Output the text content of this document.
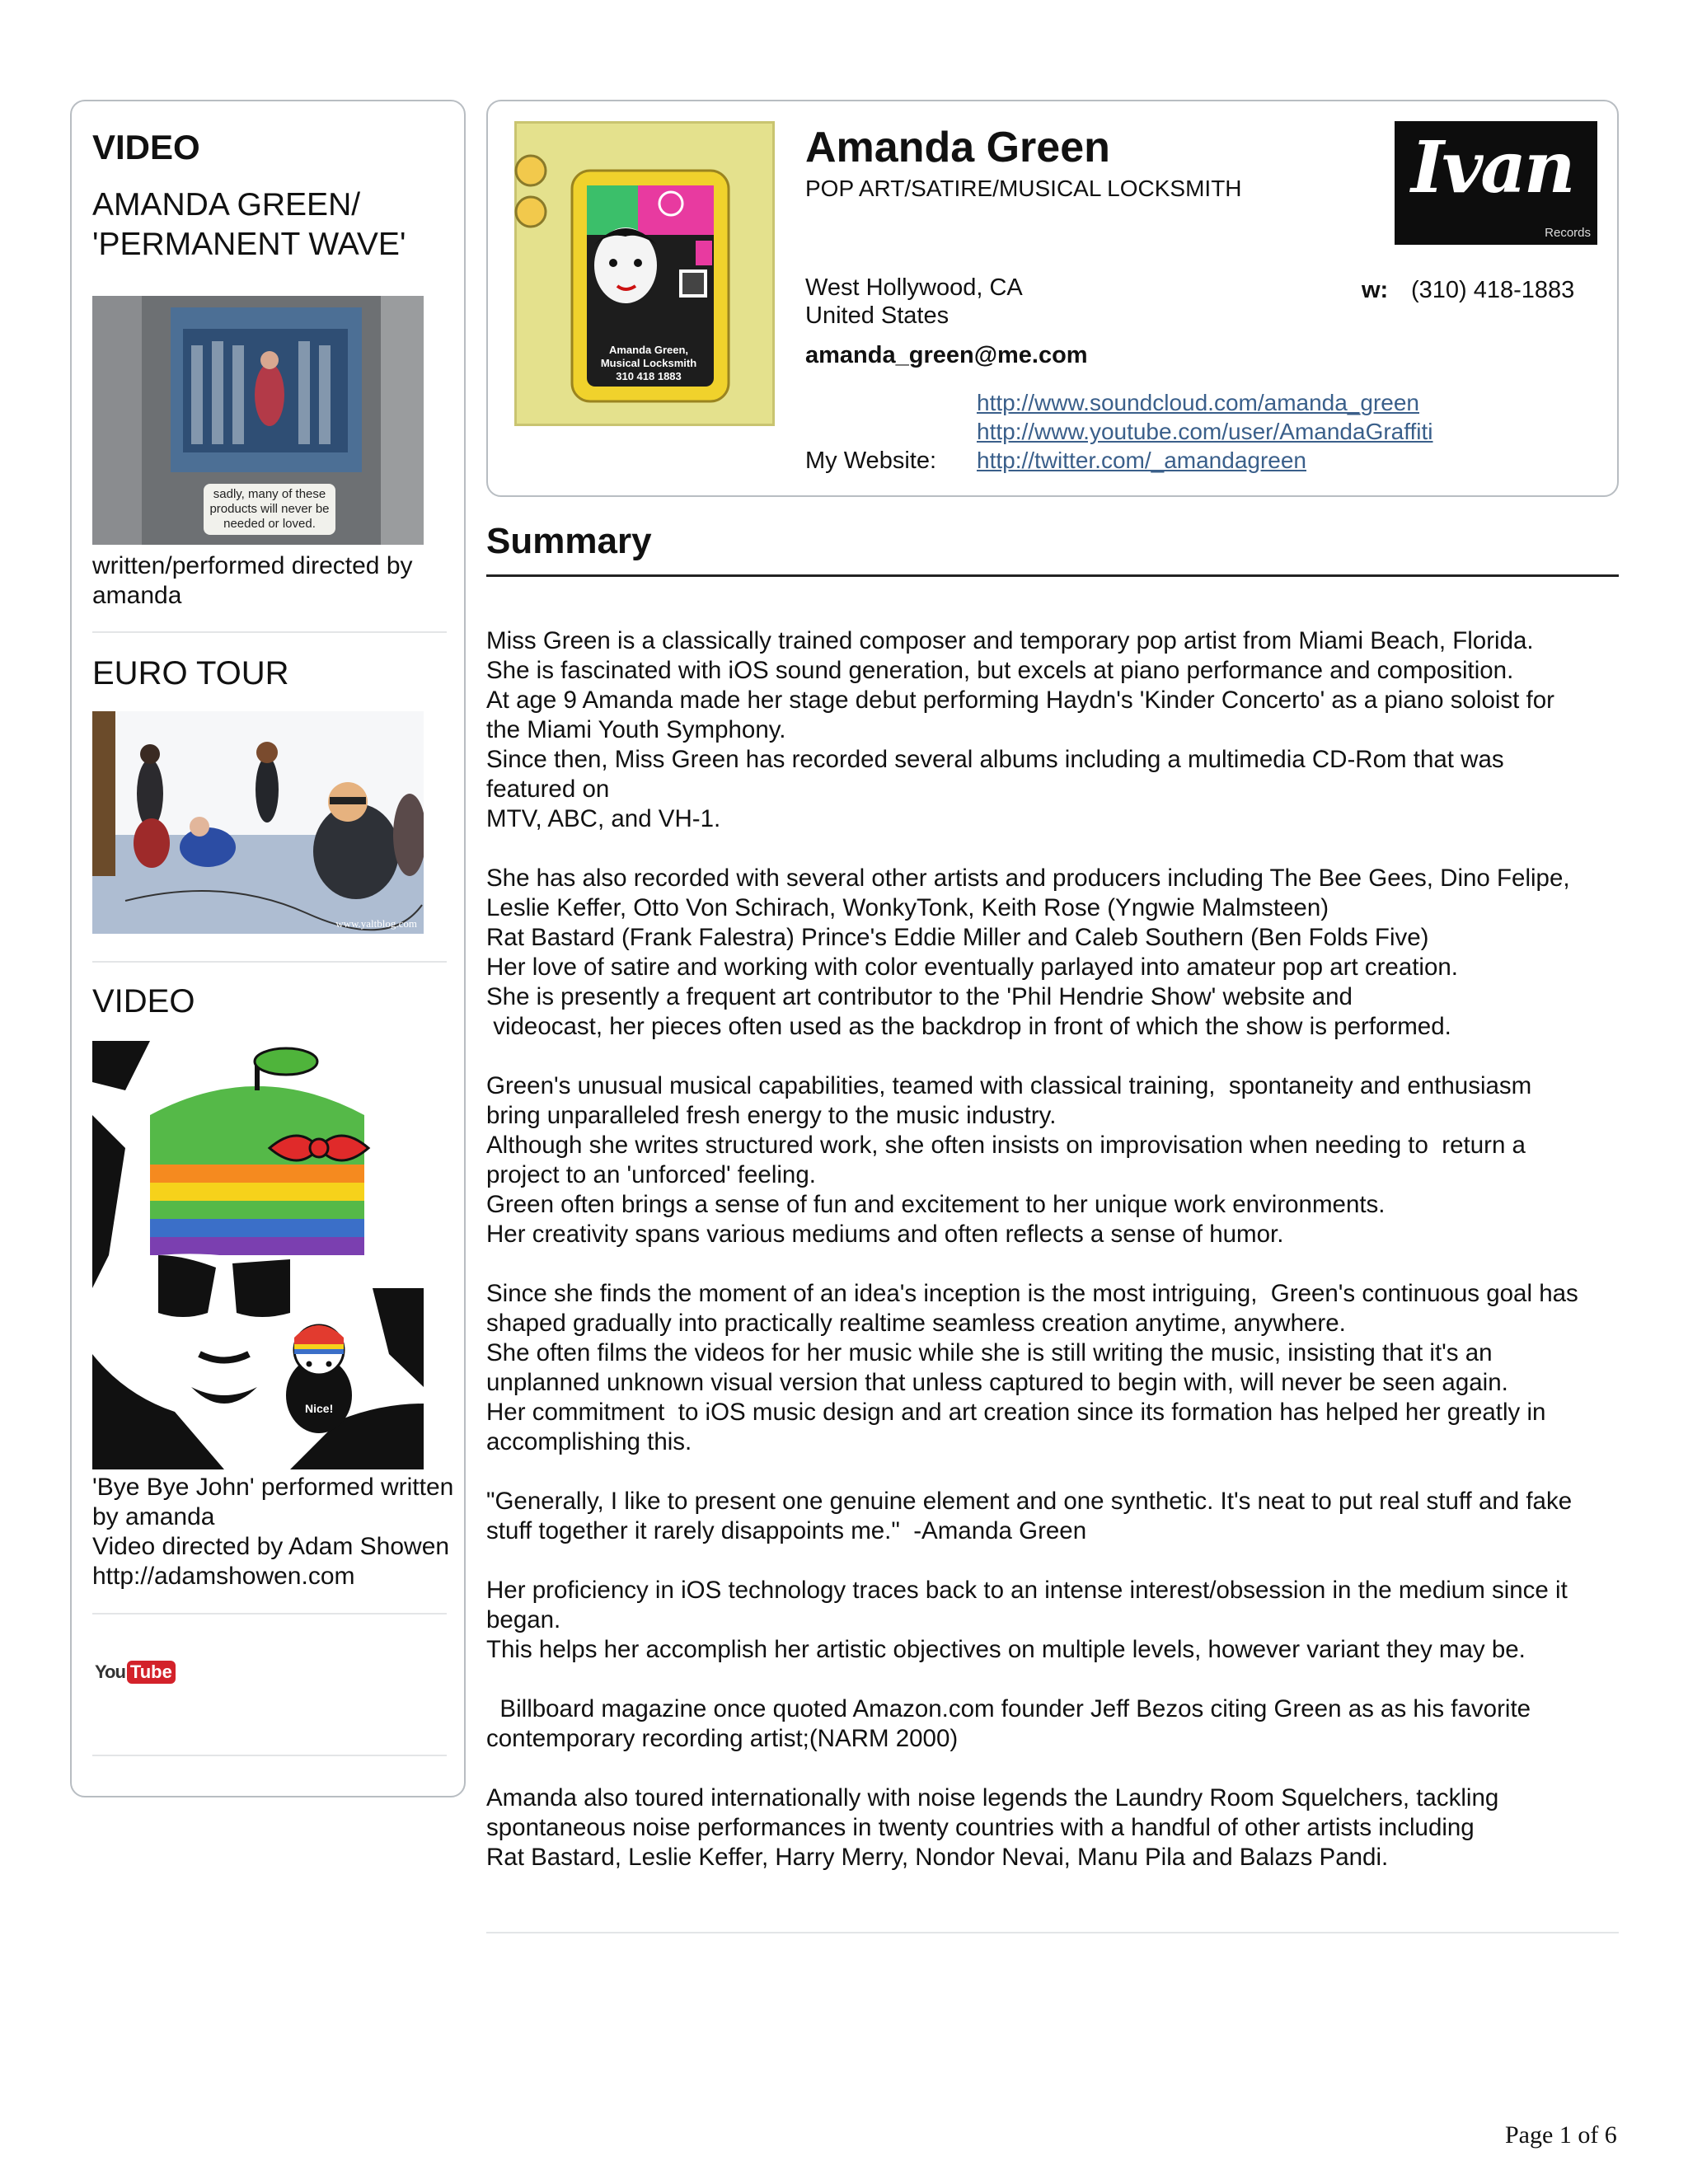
VIDEO
AMANDA GREEN/
'PERMANENT WAVE'
sadly, many of these products will never be needed or loved.
written/performed directed by
amanda
EURO TOUR
www.yaltblog.com
VIDEO
Nice!
'Bye Bye John' performed written
by amanda
Video directed by Adam Showen
http://adamshowen.com
You Tube
Amanda Green,
Musical Locksmith
310 418 1883
Amanda Green
POP ART/SATIRE/MUSICAL LOCKSMITH
West Hollywood, CA
United States
amanda_green@me.com
w: (310) 418-1883
http://www.soundcloud.com/amanda_green
http://www.youtube.com/user/AmandaGraffiti
http://twitter.com/_amandagreen
My Website:
Ivan
Records
Summary

Miss Green is a classically trained composer and temporary pop artist from Miami Beach, Florida.
She is fascinated with iOS sound generation, but excels at piano performance and composition.
At age 9 Amanda made her stage debut performing Haydn's 'Kinder Concerto' as a piano soloist for
the Miami Youth Symphony.
Since then, Miss Green has recorded several albums including a multimedia CD-Rom that was
featured on
MTV, ABC, and VH-1.

She has also recorded with several other artists and producers including The Bee Gees, Dino Felipe,
Leslie Keffer, Otto Von Schirach, WonkyTonk, Keith Rose (Yngwie Malmsteen)
Rat Bastard (Frank Falestra) Prince's Eddie Miller and Caleb Southern (Ben Folds Five)
Her love of satire and working with color eventually parlayed into amateur pop art creation.
She is presently a frequent art contributor to the 'Phil Hendrie Show' website and
videocast, her pieces often used as the backdrop in front of which the show is performed.

Green's unusual musical capabilities, teamed with classical training,  spontaneity and enthusiasm
bring unparalleled fresh energy to the music industry.
Although she writes structured work, she often insists on improvisation when needing to  return a
project to an 'unforced' feeling.
Green often brings a sense of fun and excitement to her unique work environments.
Her creativity spans various mediums and often reflects a sense of humor.

Since she finds the moment of an idea's inception is the most intriguing,  Green's continuous goal has
shaped gradually into practically realtime seamless creation anytime, anywhere.
She often films the videos for her music while she is still writing the music, insisting that it's an
unplanned unknown visual version that unless captured to begin with, will never be seen again.
Her commitment  to iOS music design and art creation since its formation has helped her greatly in
accomplishing this.

"Generally, I like to present one genuine element and one synthetic. It's neat to put real stuff and fake
stuff together it rarely disappoints me."  -Amanda Green

Her proficiency in iOS technology traces back to an intense interest/obsession in the medium since it
began.
This helps her accomplish her artistic objectives on multiple levels, however variant they may be.

Billboard magazine once quoted Amazon.com founder Jeff Bezos citing Green as as his favorite
contemporary recording artist;(NARM 2000)

Amanda also toured internationally with noise legends the Laundry Room Squelchers, tackling
spontaneous noise performances in twenty countries with a handful of other artists including
Rat Bastard, Leslie Keffer, Harry Merry, Nondor Nevai, Manu Pila and Balazs Pandi.

Page 1 of 6
